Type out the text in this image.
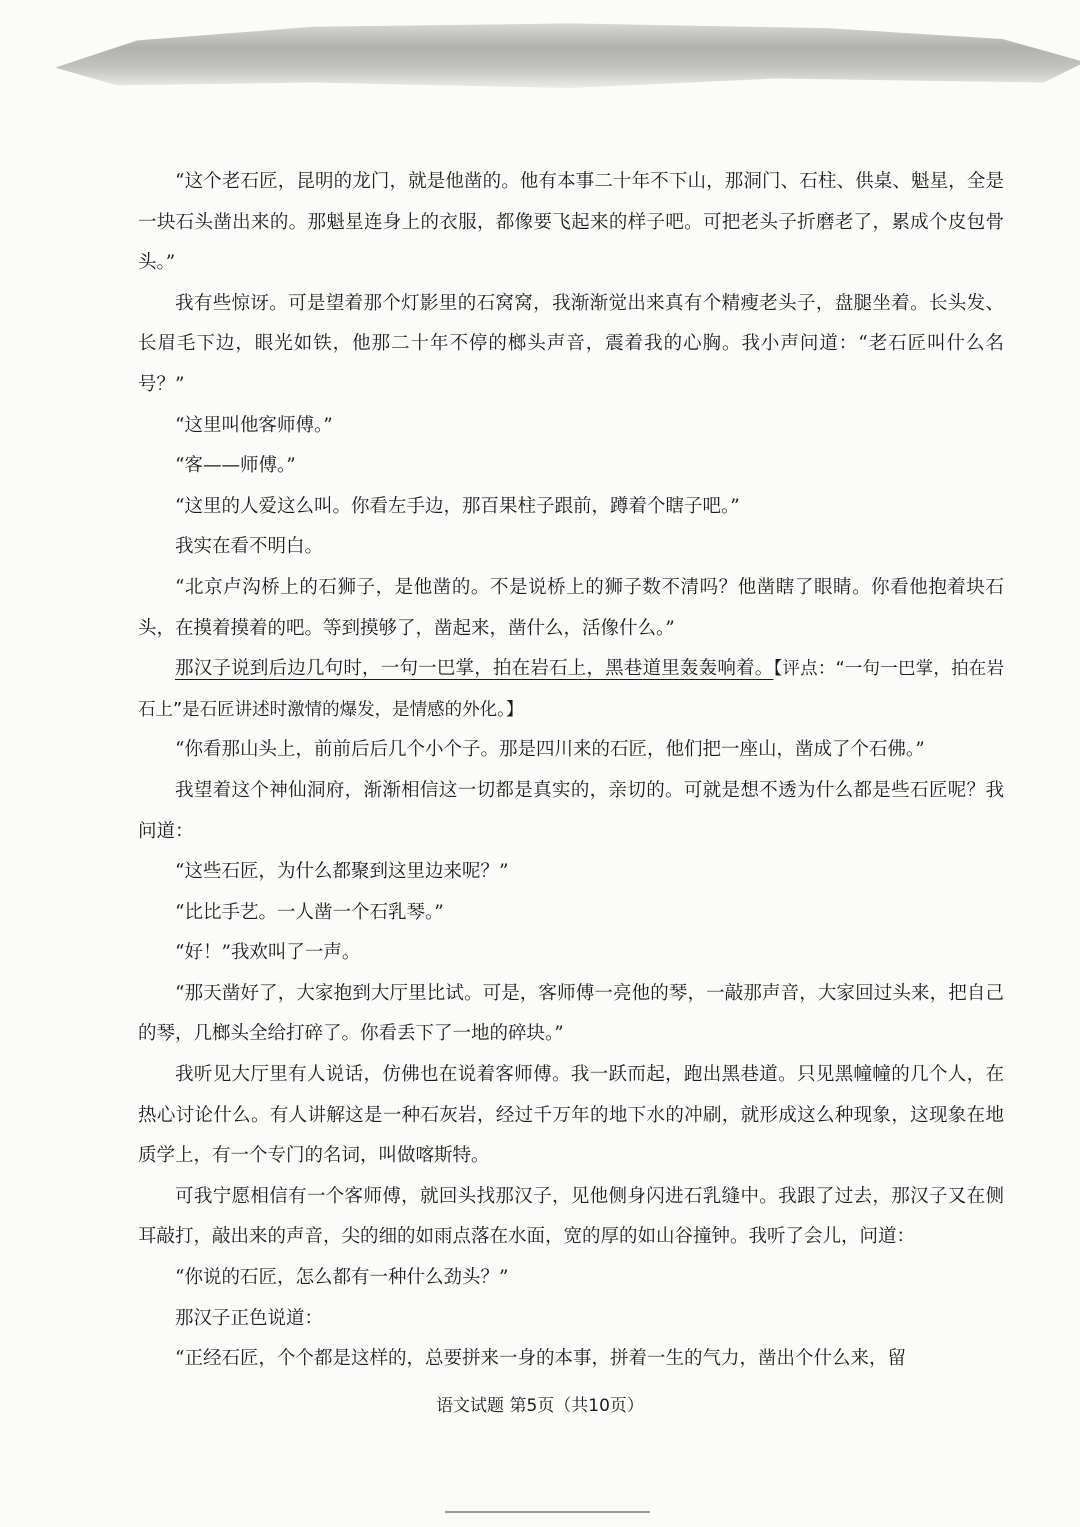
“这个老石匠，昆明的龙门，就是他凿的。他有本事二十年不下山，那洞门、石柱、供桌、魁星，全是一块石头凿出来的。那魁星连身上的衣服，都像要飞起来的样子吧。可把老头子折磨老了，累成个皮包骨头。”

我有些惊讶。可是望着那个灯影里的石窝窝，我渐渐觉出来真有个精瘦老头子，盘腿坐着。长头发、长眉毛下边，眼光如铁，他那二十年不停的榔头声音，震着我的心胸。我小声问道：“老石匠叫什么名号？”

“这里叫他客师傅。”

“客——师傅。”

“这里的人爱这么叫。你看左手边，那百果柱子跟前，蹲着个瞎子吧。”

我实在看不明白。

“北京卢沟桥上的石狮子，是他凿的。不是说桥上的狮子数不清吗？他凿瞎了眼睛。你看他抱着块石头，在摸着摸着的吧。等到摸够了，凿起来，凿什么，活像什么。”

那汉子说到后边几句时，一句一巴掌，拍在岩石上，黑巷道里轰轰响着。【评点：“一句一巴掌，拍在岩石上”是石匠讲述时激情的爆发，是情感的外化。】

“你看那山头上，前前后后几个小个子。那是四川来的石匠，他们把一座山，凿成了个石佛。”

我望着这个神仙洞府，渐渐相信这一切都是真实的，亲切的。可就是想不透为什么都是些石匠呢？我问道：

“这些石匠，为什么都聚到这里边来呢？”

“比比手艺。一人凿一个石乳琴。”

“好！”我欢叫了一声。

“那天凿好了，大家抱到大厅里比试。可是，客师傅一亮他的琴，一敲那声音，大家回过头来，把自己的琴，几榔头全给打碎了。你看丢下了一地的碎块。”

我听见大厅里有人说话，仿佛也在说着客师傅。我一跃而起，跑出黑巷道。只见黑幢幢的几个人，在热心讨论什么。有人讲解这是一种石灰岩，经过千万年的地下水的冲刷，就形成这么种现象，这现象在地质学上，有一个专门的名词，叫做喀斯特。

可我宁愿相信有一个客师傅，就回头找那汉子，见他侧身闪进石乳缝中。我跟了过去，那汉子又在侧耳敲打，敲出来的声音，尖的细的如雨点落在水面，宽的厚的如山谷撞钟。我听了会儿，问道：

“你说的石匠，怎么都有一种什么劲头？”

那汉子正色说道：

“正经石匠，个个都是这样的，总要拼来一身的本事，拼着一生的气力，凿出个什么来，留

语文试题 第5页（共10页）
